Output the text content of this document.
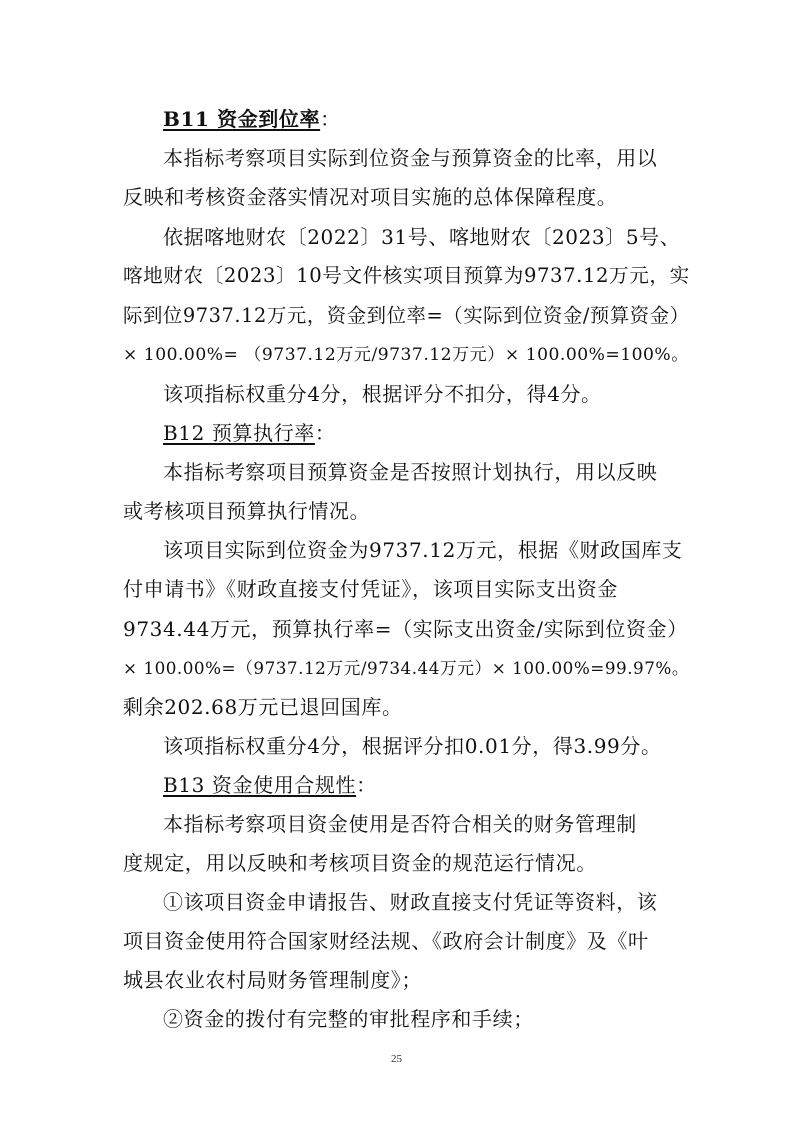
B11 资金到位率：
本指标考察项目实际到位资金与预算资金的比率，用以
反映和考核资金落实情况对项目实施的总体保障程度。
依据喀地财农〔2022〕31号、喀地财农〔2023〕5号、
喀地财农〔2023〕10号文件核实项目预算为9737.12万元，实
际到位9737.12万元，资金到位率=（实际到位资金/预算资金）
× 100.00%= （9737.12万元/9737.12万元）× 100.00%=100%。
该项指标权重分4分，根据评分不扣分，得4分。
B12 预算执行率：
本指标考察项目预算资金是否按照计划执行，用以反映
或考核项目预算执行情况。
该项目实际到位资金为9737.12万元，根据《财政国库支
付申请书》《财政直接支付凭证》，该项目实际支出资金
9734.44万元，预算执行率=（实际支出资金/实际到位资金）
× 100.00%=（9737.12万元/9734.44万元）× 100.00%=99.97%。
剩余202.68万元已退回国库。
该项指标权重分4分，根据评分扣0.01分，得3.99分。
B13 资金使用合规性：
本指标考察项目资金使用是否符合相关的财务管理制
度规定，用以反映和考核项目资金的规范运行情况。
①该项目资金申请报告、财政直接支付凭证等资料，该
项目资金使用符合国家财经法规、《政府会计制度》及《叶
城县农业农村局财务管理制度》；
②资金的拨付有完整的审批程序和手续；
25
